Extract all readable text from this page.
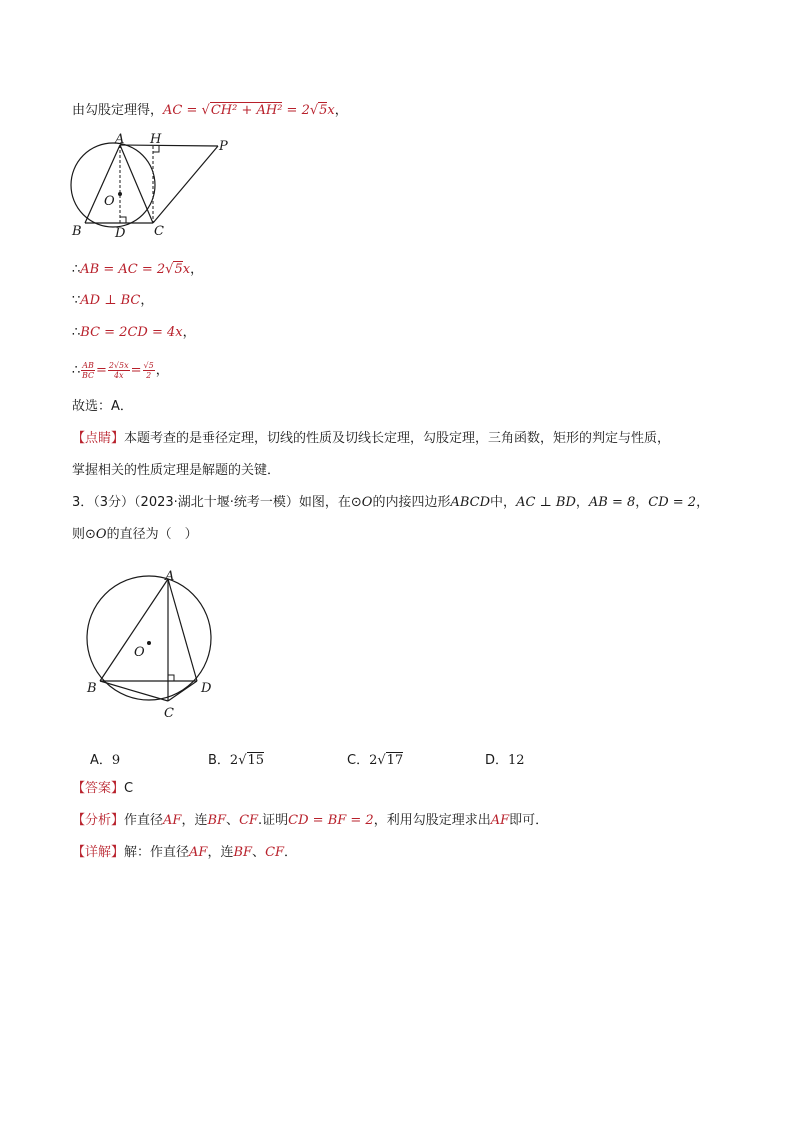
由勾股定理得，AC = √CH² + AH² = 2√5x，
A H	P
O
B	D C
∴AB = AC = 2√5x，
∵AD ⊥ BC，
∴BC = 2CD = 4x，
∴ $\frac{AB}{BC} = \frac{2√5x}{4x} = \frac{√5}{2}$ ，
故选：A．
【点睛】本题考查的是垂径定理，切线的性质及切线长定理，勾股定理，三角函数，矩形的判定与性质，
掌握相关的性质定理是解题的关键．
3．（3分）（2023·湖北十堰·统考一模）如图，在⊙O的内接四边形ABCD中，AC ⊥ BD，AB = 8，CD = 2，
则⊙O的直径为（　）
A
O
B	D
C
A．9	B．2√15	C．2√17	D．12
【答案】C
【分析】作直径AF，连BF、CF.证明CD = BF = 2，利用勾股定理求出AF即可．
【详解】解：作直径AF，连BF、CF．
